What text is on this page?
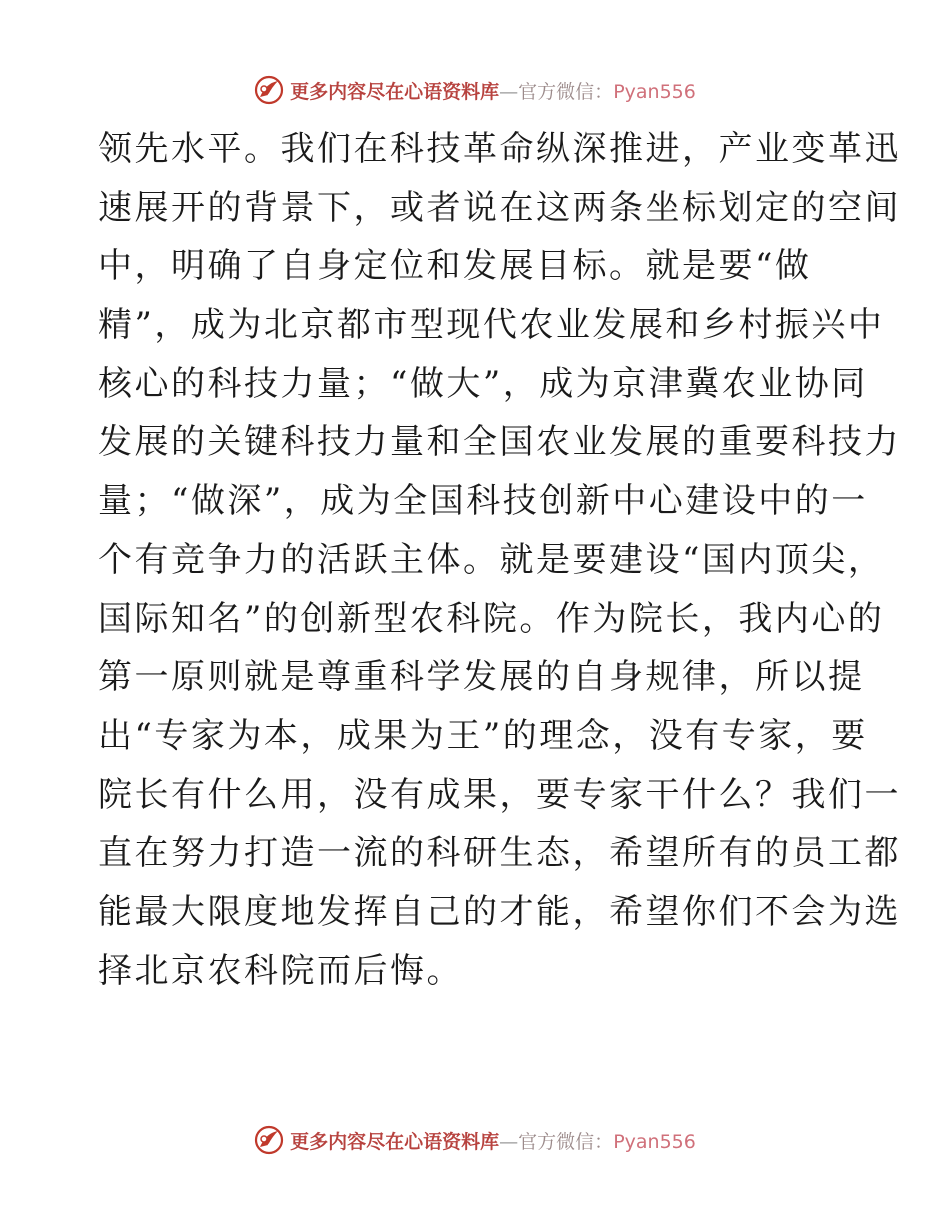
更多内容尽在心语资料库—官方微信：Pyan556
领先水平。我们在科技革命纵深推进，产业变革迅
速展开的背景下，或者说在这两条坐标划定的空间
中，明确了自身定位和发展目标。就是要“做
精”，成为北京都市型现代农业发展和乡村振兴中
核心的科技力量；“做大”，成为京津冀农业协同
发展的关键科技力量和全国农业发展的重要科技力
量；“做深”，成为全国科技创新中心建设中的一
个有竞争力的活跃主体。就是要建设“国内顶尖，
国际知名”的创新型农科院。作为院长，我内心的
第一原则就是尊重科学发展的自身规律，所以提
出“专家为本，成果为王”的理念，没有专家，要
院长有什么用，没有成果，要专家干什么？我们一
直在努力打造一流的科研生态，希望所有的员工都
能最大限度地发挥自己的才能，希望你们不会为选
择北京农科院而后悔。
更多内容尽在心语资料库—官方微信：Pyan556
